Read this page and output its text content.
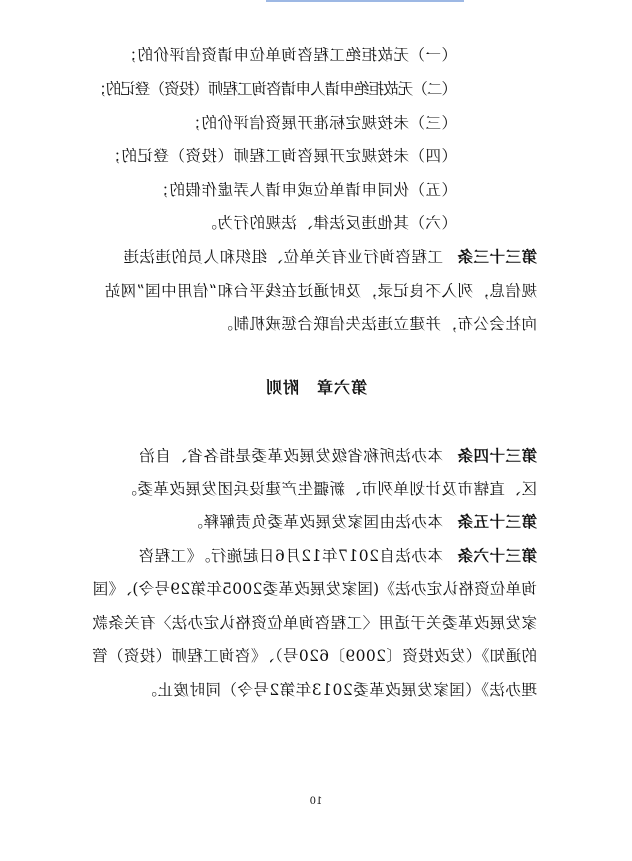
（一）无故拒绝工程咨询单位申请资信评价的；
（二）无故拒绝申请人申请咨询工程师（投资）登记的；
（三）未按规定标准开展资信评价的；
（四）未按规定开展咨询工程师（投资）登记的；
（五）伙同申请单位或申请人弄虚作假的；
（六）其他违反法律、法规的行为。
第三十三条工程咨询行业有关单位、组织和人员的违法违
规信息，列入不良记录，及时通过在线平台和“信用中国”网站
向社会公布，并建立违法失信联合惩戒机制。
第六章　附则
第三十四条本办法所称省级发展改革委是指各省、自治
区、直辖市及计划单列市、新疆生产建设兵团发展改革委。
第三十五条本办法由国家发展改革委负责解释。
第三十六条本办法自2017年12月6日起施行。《工程咨
询单位资格认定办法》(国家发展改革委2005年第29号令)、《国
家发展改革委关于适用〈工程咨询单位资格认定办法〉有关条款
的通知》（发改投资〔2009〕620号）、《咨询工程师（投资）管
理办法》（国家发展改革委2013年第2号令）同时废止。
10
